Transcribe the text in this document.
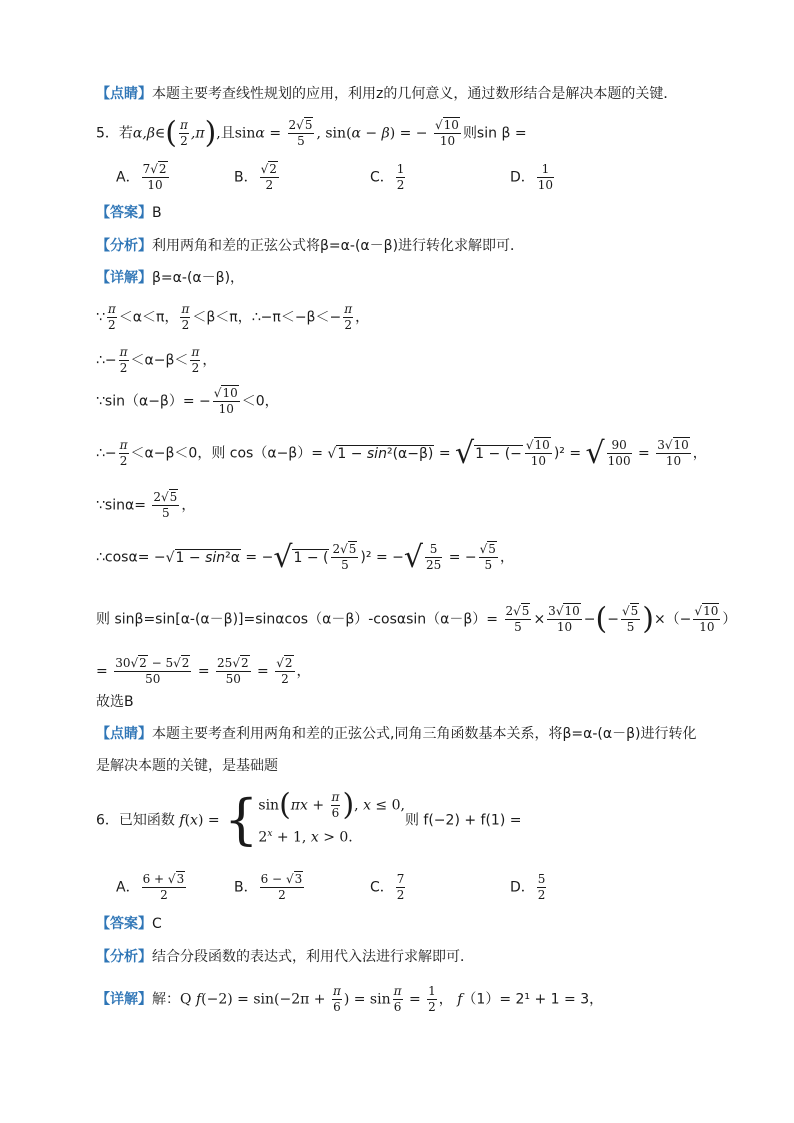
【点睛】本题主要考查线性规划的应用，利用z的几何意义，通过数形结合是解决本题的关键．
5．若α,β∈( $\frac{\pi}{2} ,\pi$),且$\sin\alpha = \frac{2√5}{5}$ , sin(α − β) = − $\frac{√10}{10}$ 则sin β =
A． $\frac{7√2}{10}$	B． $\frac{√2}{2}$	C． $\frac{1}{2}$	D． $\frac{1}{10}$
【答案】B
【分析】利用两角和差的正弦公式将β=α-(α－β)进行转化求解即可．
【详解】β=α-(α－β)，
∵ $\frac{\pi}{2} <\alpha<\pi$， $\frac{\pi}{2} <\beta<\pi$，∴−π＜−β＜− $\frac{\pi}{2}$ ，
∴− $\frac{\pi}{2} <\alpha-\beta< \frac{\pi}{2}$ ，
∵sin（α−β）= − $\frac{√10}{10} <0$，
∴− $\frac{\pi}{2} <\alpha-\beta<0$，则 cos（α−β）= √1 − sin²(α−β) = √1 − (− $\frac{√10}{10} )^2$ = √ $\frac{90}{100} = \frac{3√10}{10}$ ，
∵sinα= $\frac{2√5}{5}$ ，
∴cosα= −√1 − sin²α = −√1 − ( $\frac{2√5}{5} )^2$ = −√ $\frac{5}{25}$ = − $\frac{√5}{5}$ ，
则 $\sin\beta=\sin[\alpha-(\alpha-\beta)]=\sin\alpha\cos(\alpha-\beta)-\cos\alpha\sin(\alpha-\beta)= \frac{2√5}{5} \times \frac{3√10}{10}$ −(− $\frac{√5}{5}$ )×（− $\frac{√10}{10}$ ）
= $\frac{30√2 - 5√2}{50} = \frac{25√2}{50} = \frac{√2}{2}$ ，
故选B
【点睛】本题主要考查利用两角和差的正弦公式,同角三角函数基本关系，将β=α-(α－β)进行转化
是解决本题的关键，是基础题
6．已知函数 f(x) = { $\sin(\pi x + \frac{\pi}{6}$ ), x ≤ 0,
$2^x + 1$, x > 0.
则 f(−2) + f(1) =
A． $\frac{6 + √3}{2}$	B． $\frac{6 - √3}{2}$	C． $\frac{7}{2}$	D． $\frac{5}{2}$
【答案】C
【分析】结合分段函数的表达式，利用代入法进行求解即可．
【详解】解：Q $f(-2) = \sin(-2\pi + \frac{\pi}{6}$ ) = $\sin \frac{\pi}{6} = \frac{1}{2}$ ， f（1）= 2¹ + 1 = 3，
